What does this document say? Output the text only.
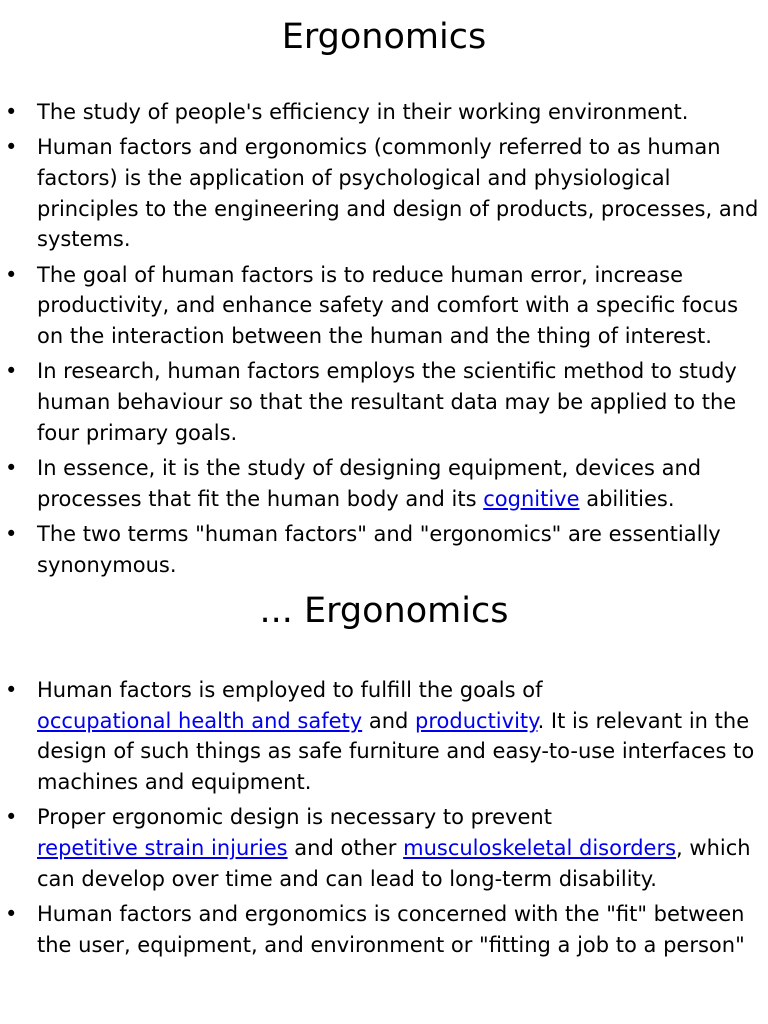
Ergonomics
• The study of people's efficiency in their working environment.
• Human factors and ergonomics (commonly referred to as human factors) is the application of psychological and physiological principles to the engineering and design of products, processes, and systems.
• The goal of human factors is to reduce human error, increase productivity, and enhance safety and comfort with a specific focus on the interaction between the human and the thing of interest.
• In research, human factors employs the scientific method to study human behaviour so that the resultant data may be applied to the four primary goals.
• In essence, it is the study of designing equipment, devices and processes that fit the human body and its cognitive abilities.
• The two terms "human factors" and "ergonomics" are essentially synonymous.
... Ergonomics
• Human factors is employed to fulfill the goals of
occupational health and safety and productivity. It is relevant in the design of such things as safe furniture and easy-to-use interfaces to machines and equipment.
• Proper ergonomic design is necessary to prevent
repetitive strain injuries and other musculoskeletal disorders, which can develop over time and can lead to long-term disability.
• Human factors and ergonomics is concerned with the "fit" between the user, equipment, and environment or "fitting a job to a person"
